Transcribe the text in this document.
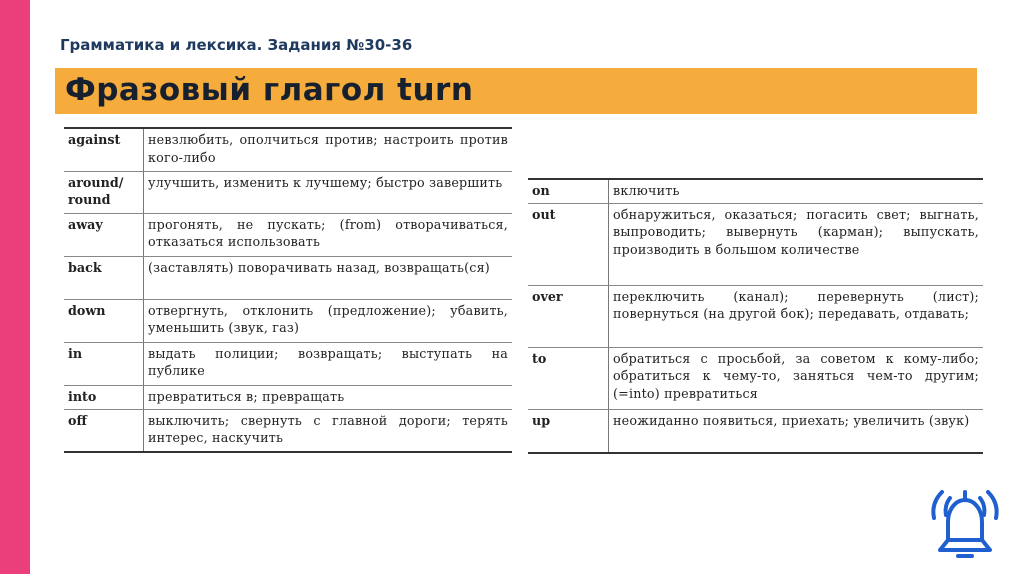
Грамматика и лексика. Задания №30-36
Фразовый глагол turn
against	невзлюбить, ополчиться против; настроить против кого-либо
around/ round	улучшить, изменить к лучшему; быстро завершить
away	прогонять, не пускать; (from) отворачиваться, отказаться использовать
back	(заставлять) поворачивать назад, возвращать(ся)
down	отвергнуть, отклонить (предложение); убавить, уменьшить (звук, газ)
in	выдать полиции; возвращать; выступать на публике
into	превратиться в; превращать
off	выключить; свернуть с главной дороги; терять интерес, наскучить
on	включить
out	обнаружиться, оказаться; погасить свет; выгнать, выпроводить; вывернуть (карман); выпускать, производить в большом количестве
over	переключить (канал); перевернуть (лист); повернуться (на другой бок); передавать, отдавать;
to	обратиться с просьбой, за советом к кому-либо; обратиться к чему-то, заняться чем-то другим; (=into) превратиться
up	неожиданно появиться, приехать; увеличить (звук)
